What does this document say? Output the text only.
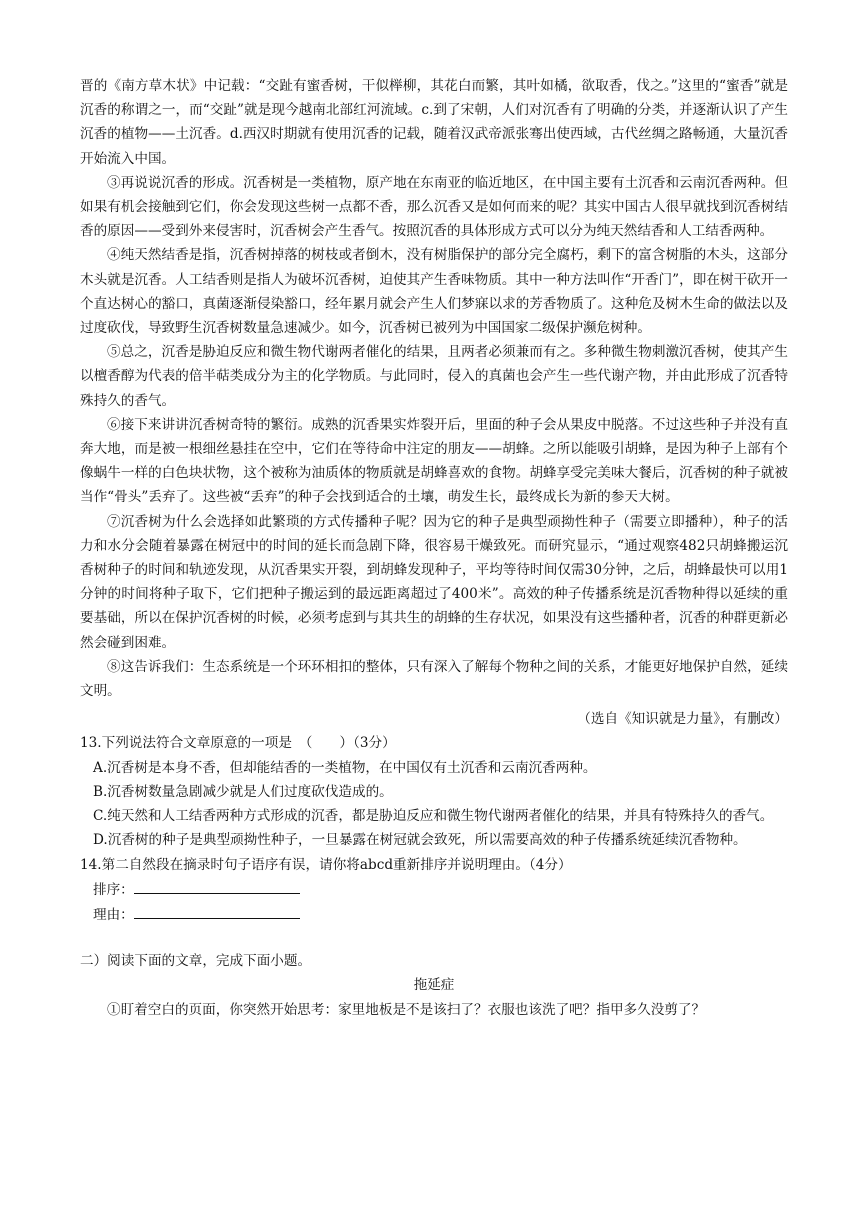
晋的《南方草木状》中记载：“交趾有蜜香树，干似榉柳，其花白而繁，其叶如橘，欲取香，伐之。”这里的“蜜香”就是沉香的称谓之一，而“交趾”就是现今越南北部红河流域。c.到了宋朝，人们对沉香有了明确的分类，并逐渐认识了产生沉香的植物——土沉香。d.西汉时期就有使用沉香的记载，随着汉武帝派张骞出使西域，古代丝绸之路畅通，大量沉香开始流入中国。

③再说说沉香的形成。沉香树是一类植物，原产地在东南亚的临近地区，在中国主要有土沉香和云南沉香两种。但如果有机会接触到它们，你会发现这些树一点都不香，那么沉香又是如何而来的呢？其实中国古人很早就找到沉香树结香的原因——受到外来侵害时，沉香树会产生香气。按照沉香的具体形成方式可以分为纯天然结香和人工结香两种。

④纯天然结香是指，沉香树掉落的树枝或者倒木，没有树脂保护的部分完全腐朽，剩下的富含树脂的木头，这部分木头就是沉香。人工结香则是指人为破坏沉香树，迫使其产生香味物质。其中一种方法叫作“开香门”，即在树干砍开一个直达树心的豁口，真菌逐渐侵染豁口，经年累月就会产生人们梦寐以求的芳香物质了。这种危及树木生命的做法以及过度砍伐，导致野生沉香树数量急速减少。如今，沉香树已被列为中国国家二级保护濒危树种。

⑤总之，沉香是胁迫反应和微生物代谢两者催化的结果，且两者必须兼而有之。多种微生物刺激沉香树，使其产生以檀香醇为代表的倍半萜类成分为主的化学物质。与此同时，侵入的真菌也会产生一些代谢产物，并由此形成了沉香特殊持久的香气。

⑥接下来讲讲沉香树奇特的繁衍。成熟的沉香果实炸裂开后，里面的种子会从果皮中脱落。不过这些种子并没有直奔大地，而是被一根细丝悬挂在空中，它们在等待命中注定的朋友——胡蜂。之所以能吸引胡蜂，是因为种子上部有个像蜗牛一样的白色块状物，这个被称为油质体的物质就是胡蜂喜欢的食物。胡蜂享受完美味大餐后，沉香树的种子就被当作“骨头”丢弃了。这些被“丢弃”的种子会找到适合的土壤，萌发生长，最终成长为新的参天大树。

⑦沉香树为什么会选择如此繁琐的方式传播种子呢？因为它的种子是典型顽拗性种子（需要立即播种），种子的活力和水分会随着暴露在树冠中的时间的延长而急剧下降，很容易干燥致死。而研究显示，“通过观察482只胡蜂搬运沉香树种子的时间和轨迹发现，从沉香果实开裂，到胡蜂发现种子，平均等待时间仅需30分钟，之后，胡蜂最快可以用1分钟的时间将种子取下，它们把种子搬运到的最远距离超过了400米”。高效的种子传播系统是沉香物种得以延续的重要基础，所以在保护沉香树的时候，必须考虑到与其共生的胡蜂的生存状况，如果没有这些播种者，沉香的种群更新必然会碰到困难。

⑧这告诉我们：生态系统是一个环环相扣的整体，只有深入了解每个物种之间的关系，才能更好地保护自然，延续文明。

（选自《知识就是力量》，有删改）

13.下列说法符合文章原意的一项是　（　　）（3分）

A.沉香树是本身不香，但却能结香的一类植物，在中国仅有土沉香和云南沉香两种。

B.沉香树数量急剧减少就是人们过度砍伐造成的。

C.纯天然和人工结香两种方式形成的沉香，都是胁迫反应和微生物代谢两者催化的结果，并具有特殊持久的香气。

D.沉香树的种子是典型顽拗性种子，一旦暴露在树冠就会致死，所以需要高效的种子传播系统延续沉香物种。

14.第二自然段在摘录时句子语序有误，请你将abcd重新排序并说明理由。（4分）

排序：
理由：

二）阅读下面的文章，完成下面小题。

拖延症

①盯着空白的页面，你突然开始思考：家里地板是不是该扫了？衣服也该洗了吧？指甲多久没剪了？
